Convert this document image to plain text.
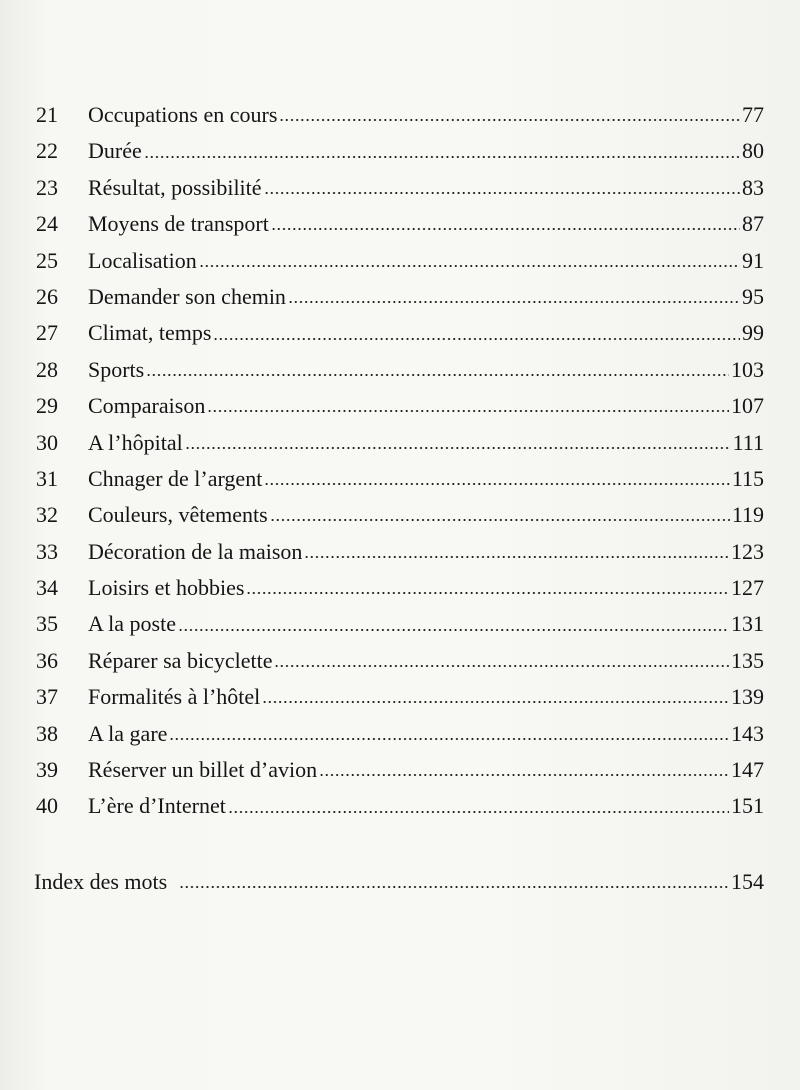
21	Occupations en cours	77
22	Durée	80
23	Résultat, possibilité	83
24	Moyens de transport	87
25	Localisation	91
26	Demander son chemin	95
27	Climat, temps	99
28	Sports	103
29	Comparaison	107
30	A l’hôpital	111
31	Chnager de l’argent	115
32	Couleurs, vêtements	119
33	Décoration de la maison	123
34	Loisirs et hobbies	127
35	A la poste	131
36	Réparer sa bicyclette	135
37	Formalités à l’hôtel	139
38	A la gare	143
39	Réserver un billet d’avion	147
40	L’ère d’Internet	151
Index des mots	154
